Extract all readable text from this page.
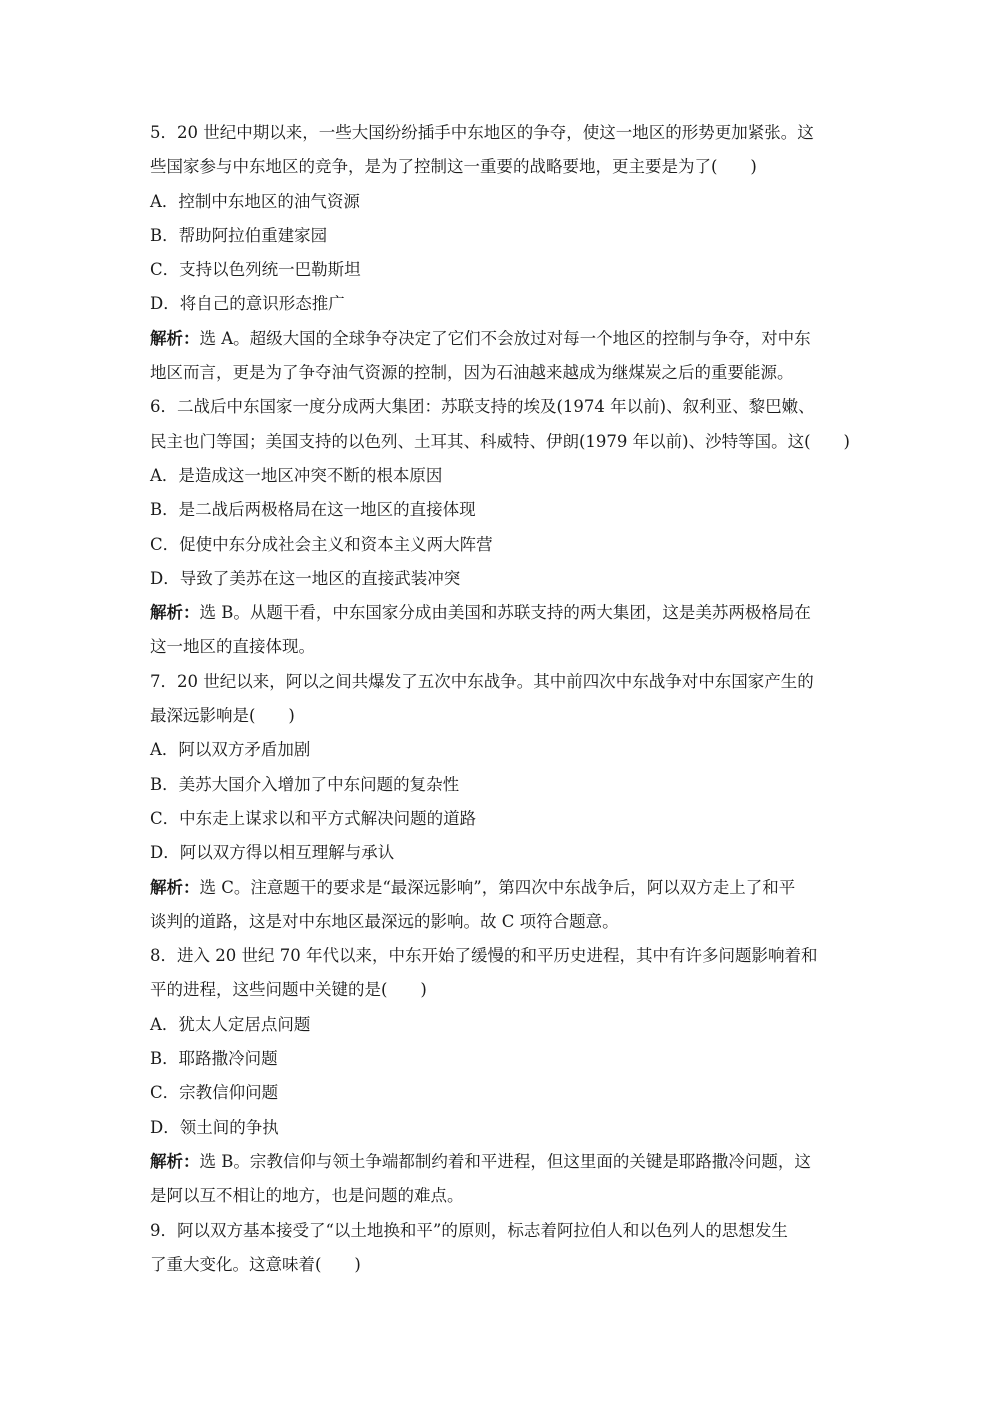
5．20 世纪中期以来，一些大国纷纷插手中东地区的争夺，使这一地区的形势更加紧张。这
些国家参与中东地区的竞争，是为了控制这一重要的战略要地，更主要是为了(　　)
A．控制中东地区的油气资源
B．帮助阿拉伯重建家园
C．支持以色列统一巴勒斯坦
D．将自己的意识形态推广
解析：选 A。超级大国的全球争夺决定了它们不会放过对每一个地区的控制与争夺，对中东
地区而言，更是为了争夺油气资源的控制，因为石油越来越成为继煤炭之后的重要能源。
6．二战后中东国家一度分成两大集团：苏联支持的埃及(1974 年以前)、叙利亚、黎巴嫩、
民主也门等国；美国支持的以色列、土耳其、科威特、伊朗(1979 年以前)、沙特等国。这(　　)
A．是造成这一地区冲突不断的根本原因
B．是二战后两极格局在这一地区的直接体现
C．促使中东分成社会主义和资本主义两大阵营
D．导致了美苏在这一地区的直接武装冲突
解析：选 B。从题干看，中东国家分成由美国和苏联支持的两大集团，这是美苏两极格局在
这一地区的直接体现。
7．20 世纪以来，阿以之间共爆发了五次中东战争。其中前四次中东战争对中东国家产生的
最深远影响是(　　)
A．阿以双方矛盾加剧
B．美苏大国介入增加了中东问题的复杂性
C．中东走上谋求以和平方式解决问题的道路
D．阿以双方得以相互理解与承认
解析：选 C。注意题干的要求是“最深远影响”，第四次中东战争后，阿以双方走上了和平
谈判的道路，这是对中东地区最深远的影响。故 C 项符合题意。
8．进入 20 世纪 70 年代以来，中东开始了缓慢的和平历史进程，其中有许多问题影响着和
平的进程，这些问题中关键的是(　　)
A．犹太人定居点问题
B．耶路撒冷问题
C．宗教信仰问题
D．领土间的争执
解析：选 B。宗教信仰与领土争端都制约着和平进程，但这里面的关键是耶路撒冷问题，这
是阿以互不相让的地方，也是问题的难点。
9．阿以双方基本接受了“以土地换和平”的原则，标志着阿拉伯人和以色列人的思想发生
了重大变化。这意味着(　　)
